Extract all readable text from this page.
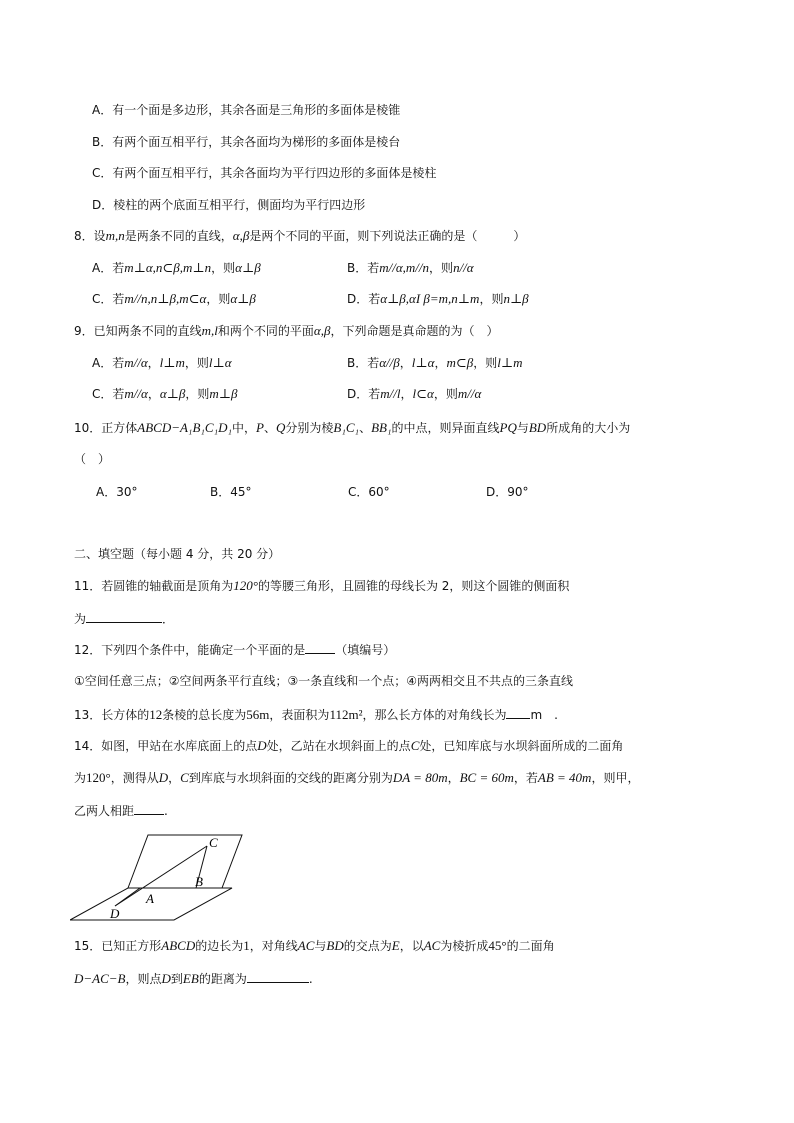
A．有一个面是多边形，其余各面是三角形的多面体是棱锥
B．有两个面互相平行，其余各面均为梯形的多面体是棱台
C．有两个面互相平行，其余各面均为平行四边形的多面体是棱柱
D．棱柱的两个底面互相平行，侧面均为平行四边形
8．设m,n是两条不同的直线，α,β是两个不同的平面，则下列说法正确的是（　　　）
A．若m⊥α,n⊂β,m⊥n，则α⊥β	B．若m//α,m//n，则n//α
C．若m//n,n⊥β,m⊂α，则α⊥β	D．若α⊥β,αI β=m,n⊥m，则n⊥β
9．已知两条不同的直线m,l和两个不同的平面α,β，下列命题是真命题的为（　）
A．若m//α，l⊥m，则l⊥α	B．若α//β，l⊥α，m⊂β，则l⊥m
C．若m//α，α⊥β，则m⊥β	D．若m//l，l⊂α，则m//α
10．正方体ABCD−A₁B₁C₁D₁中，P、Q分别为棱B₁C₁、BB₁的中点，则异面直线PQ与BD所成角的大小为
（　）
A．30°	B．45°	C．60°	D．90°
二、填空题（每小题 4 分，共 20 分）
11．若圆锥的轴截面是顶角为120°的等腰三角形，且圆锥的母线长为 2，则这个圆锥的侧面积
为	．
12．下列四个条件中，能确定一个平面的是	（填编号）
①空间任意三点；②空间两条平行直线；③一条直线和一个点；④两两相交且不共点的三条直线
13．长方体的12条棱的总长度为56m，表面积为112m²，那么长方体的对角线长为 m　.
14．如图，甲站在水库底面上的点D处，乙站在水坝斜面上的点C处，已知库底与水坝斜面所成的二面角
为120°，测得从D，C到库底与水坝斜面的交线的距离分别为DA = 80m，BC = 60m，若AB = 40m，则甲，
乙两人相距	.
C
B
A
D
15．已知正方形ABCD的边长为1，对角线AC与BD的交点为E，以AC为棱折成45°的二面角
D−AC−B，则点D到EB的距离为	.
